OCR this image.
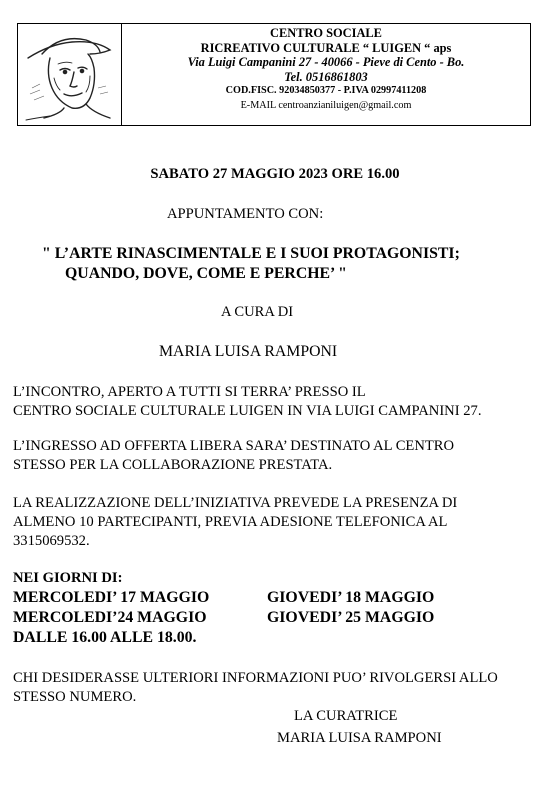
CENTRO SOCIALE
RICREATIVO CULTURALE “ LUIGEN “ aps
Via Luigi Campanini 27 - 40066 - Pieve di Cento - Bo.
Tel. 0516861803
COD.FISC. 92034850377 - P.IVA 02997411208
E-MAIL centroanzianiluigen@gmail.com
SABATO 27 MAGGIO 2023 ORE 16.00
APPUNTAMENTO CON:
" L’ARTE RINASCIMENTALE E I SUOI PROTAGONISTI;
QUANDO, DOVE, COME E PERCHE’ "
A CURA DI
MARIA LUISA RAMPONI
L’INCONTRO, APERTO A TUTTI SI TERRA’ PRESSO IL
CENTRO SOCIALE CULTURALE LUIGEN IN VIA LUIGI CAMPANINI 27.
L’INGRESSO AD OFFERTA LIBERA SARA’ DESTINATO AL CENTRO
STESSO PER LA COLLABORAZIONE PRESTATA.
LA REALIZZAZIONE DELL’INIZIATIVA PREVEDE LA PRESENZA DI
ALMENO 10 PARTECIPANTI, PREVIA ADESIONE TELEFONICA AL
3315069532.
NEI GIORNI DI:
MERCOLEDI’ 17 MAGGIO	GIOVEDI’ 18 MAGGIO
MERCOLEDI’24 MAGGIO	GIOVEDI’ 25 MAGGIO
DALLE 16.00 ALLE 18.00.
CHI DESIDERASSE ULTERIORI INFORMAZIONI PUO’ RIVOLGERSI ALLO
STESSO NUMERO.
LA CURATRICE
MARIA LUISA RAMPONI
